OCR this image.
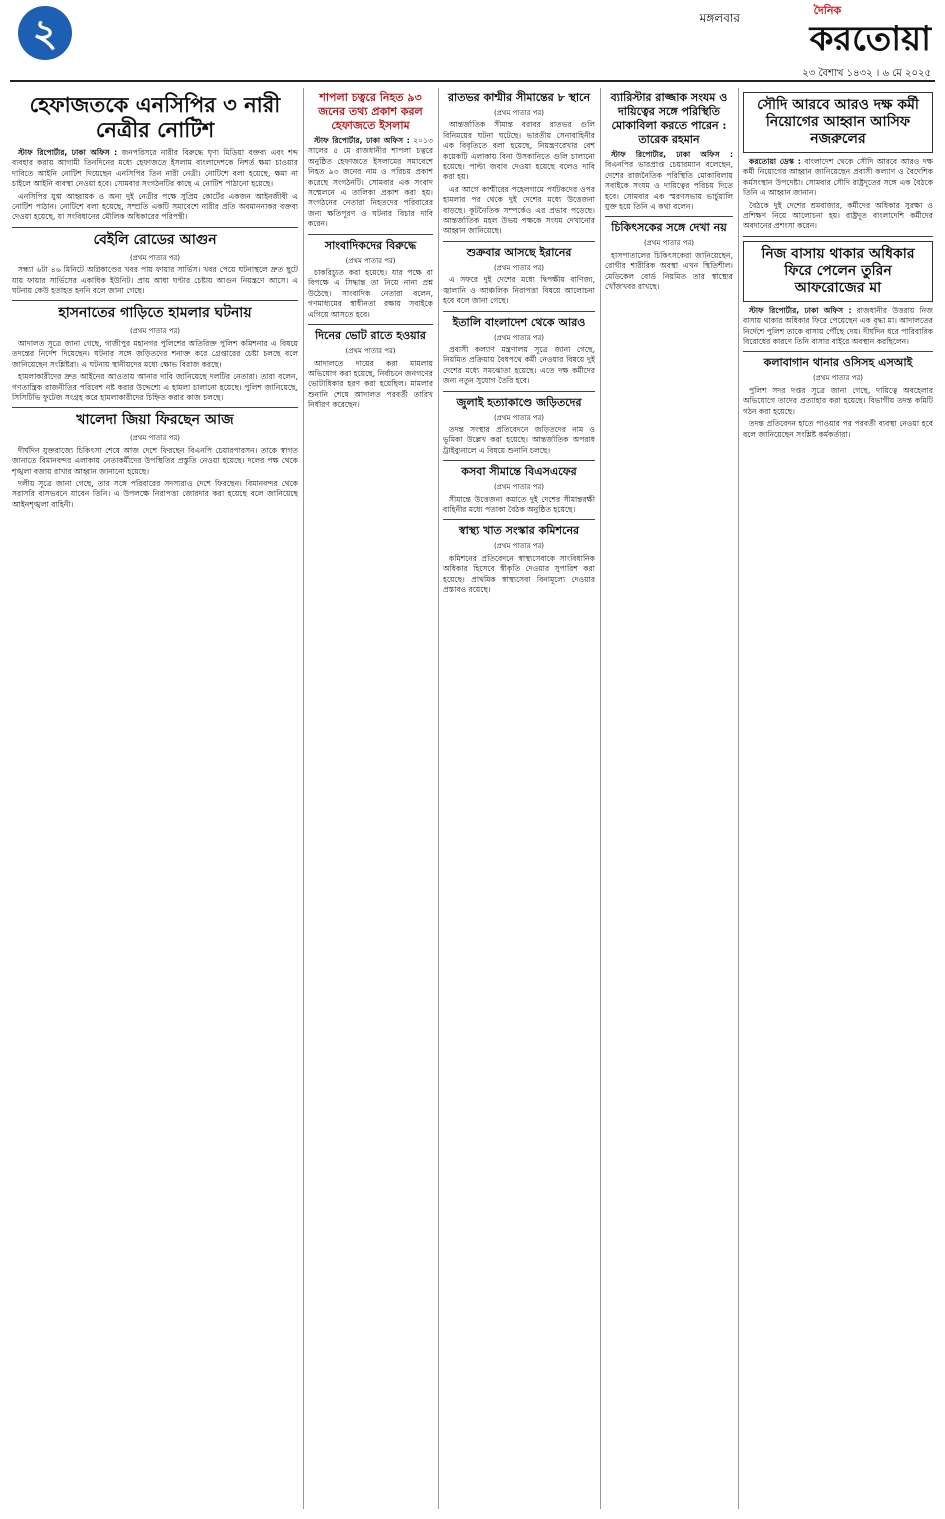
২	মঙ্গলবার
দৈনিক
করতোয়া
২৩ বৈশাখ ১৪৩২ । ৬ মে ২০২৫
হেফাজতকে এনসিপির ৩ নারী নেত্রীর নোটিশ

স্টাফ রিপোর্টার, ঢাকা অফিস : জনপরিসরে নারীর বিরুদ্ধে ঘৃণ্য মিডিয়া বক্তব্য এবং শব্দ ব্যবহার করায় আগামী তিনদিনের মধ্যে হেফাজতে ইসলাম বাংলাদেশকে নিশর্ত ক্ষমা চাওয়ার দাবিতে আইনি নোটিশ দিয়েছেন এনসিপির তিন নারী নেত্রী। নোটিশে বলা হয়েছে, ক্ষমা না চাইলে আইনি ব্যবস্থা নেওয়া হবে। সোমবার সংগঠনটির কাছে এ নোটিশ পাঠানো হয়েছে।

এনসিপির যুগ্ম আহ্বায়ক ও অন্য দুই নেত্রীর পক্ষে সুপ্রিম কোর্টের একজন আইনজীবী এ নোটিশ পাঠান। নোটিশে বলা হয়েছে, সম্প্রতি একটি সমাবেশে নারীর প্রতি অবমাননাকর বক্তব্য দেওয়া হয়েছে, যা সংবিধানের মৌলিক অধিকারের পরিপন্থী।

বেইলি রোডের আগুন
(প্রথম পাতার পর)

সন্ধ্যা ৬টা ৪৬ মিনিটে অগ্নিকাণ্ডের খবর পায় ফায়ার সার্ভিস। খবর পেয়ে ঘটনাস্থলে দ্রুত ছুটে যায় ফায়ার সার্ভিসের একাধিক ইউনিট। প্রায় আধা ঘণ্টার চেষ্টায় আগুন নিয়ন্ত্রণে আসে। এ ঘটনায় কেউ হতাহত হননি বলে জানা গেছে।

হাসনাতের গাড়িতে হামলার ঘটনায়
(প্রথম পাতার পর)

আদালত সূত্রে জানা গেছে, গাজীপুর মহানগর পুলিশের অতিরিক্ত পুলিশ কমিশনার এ বিষয়ে তদন্তের নির্দেশ দিয়েছেন। ঘটনার সঙ্গে জড়িতদের শনাক্ত করে গ্রেপ্তারের চেষ্টা চলছে বলে জানিয়েছেন সংশ্লিষ্টরা। এ ঘটনায় স্থানীয়দের মধ্যে ক্ষোভ বিরাজ করছে।

হামলাকারীদের দ্রুত আইনের আওতায় আনার দাবি জানিয়েছে দলটির নেতারা। তারা বলেন, গণতান্ত্রিক রাজনীতির পরিবেশ নষ্ট করার উদ্দেশ্যে এ হামলা চালানো হয়েছে। পুলিশ জানিয়েছে, সিসিটিভি ফুটেজ সংগ্রহ করে হামলাকারীদের চিহ্নিত করার কাজ চলছে।

খালেদা জিয়া ফিরছেন আজ
(প্রথম পাতার পর)

দীর্ঘদিন যুক্তরাজ্যে চিকিৎসা শেষে আজ দেশে ফিরছেন বিএনপি চেয়ারপারসন। তাকে স্বাগত জানাতে বিমানবন্দর এলাকায় নেতাকর্মীদের উপস্থিতির প্রস্তুতি নেওয়া হয়েছে। দলের পক্ষ থেকে শৃঙ্খলা বজায় রাখার আহ্বান জানানো হয়েছে।

দলীয় সূত্রে জানা গেছে, তার সঙ্গে পরিবারের সদস্যরাও দেশে ফিরছেন। বিমানবন্দর থেকে সরাসরি বাসভবনে যাবেন তিনি। এ উপলক্ষে নিরাপত্তা জোরদার করা হয়েছে বলে জানিয়েছে আইনশৃঙ্খলা বাহিনী।

শাপলা চত্বরে নিহত ৯৩ জনের তথ্য প্রকাশ করল হেফাজতে ইসলাম

স্টাফ রিপোর্টার, ঢাকা অফিস : ২০১৩ সালের ৫ মে রাজধানীর শাপলা চত্বরে অনুষ্ঠিত হেফাজতে ইসলামের সমাবেশে নিহত ৯৩ জনের নাম ও পরিচয় প্রকাশ করেছে সংগঠনটি। সোমবার এক সংবাদ সম্মেলনে এ তালিকা প্রকাশ করা হয়। সংগঠনের নেতারা নিহতদের পরিবারের জন্য ক্ষতিপূরণ ও ঘটনার বিচার দাবি করেন।

সাংবাদিকদের বিরুদ্ধে
(প্রথম পাতার পর)

চাকরিচ্যুত করা হয়েছে। যার পক্ষে বা বিপক্ষে এ সিদ্ধান্ত তা নিয়ে নানা প্রশ্ন উঠেছে। সাংবাদিক নেতারা বলেন, গণমাধ্যমের স্বাধীনতা রক্ষায় সবাইকে এগিয়ে আসতে হবে।

দিনের ভোট রাতে হওয়ার
(প্রথম পাতার পর)

আদালতে দায়ের করা মামলায় অভিযোগ করা হয়েছে, নির্বাচনে জনগণের ভোটাধিকার হরণ করা হয়েছিল। মামলার শুনানি শেষে আদালত পরবর্তী তারিখ নির্ধারণ করেছেন।

রাতভর কাশ্মীর সীমান্তের ৮ স্থানে
(প্রথম পাতার পর)

আন্তর্জাতিক সীমান্ত বরাবর রাতভর গুলি বিনিময়ের ঘটনা ঘটেছে। ভারতীয় সেনাবাহিনীর এক বিবৃতিতে বলা হয়েছে, নিয়ন্ত্রণরেখার বেশ কয়েকটি এলাকায় বিনা উসকানিতে গুলি চালানো হয়েছে। পাল্টা জবাব দেওয়া হয়েছে বলেও দাবি করা হয়।

এর আগে কাশ্মীরের পহেলগামে পর্যটকদের ওপর হামলার পর থেকে দুই দেশের মধ্যে উত্তেজনা বাড়ছে। কূটনৈতিক সম্পর্কেও এর প্রভাব পড়েছে। আন্তর্জাতিক মহল উভয় পক্ষকে সংযম দেখানোর আহ্বান জানিয়েছে।

শুক্রবার আসছে ইরানের
(প্রথম পাতার পর)

এ সফরে দুই দেশের মধ্যে দ্বিপক্ষীয় বাণিজ্য, জ্বালানি ও আঞ্চলিক নিরাপত্তা বিষয়ে আলোচনা হবে বলে জানা গেছে।

ইতালি বাংলাদেশ থেকে আরও
(প্রথম পাতার পর)

প্রবাসী কল্যাণ মন্ত্রণালয় সূত্রে জানা গেছে, নিয়মিত প্রক্রিয়ায় বৈধপথে কর্মী নেওয়ার বিষয়ে দুই দেশের মধ্যে সমঝোতা হয়েছে। এতে দক্ষ কর্মীদের জন্য নতুন সুযোগ তৈরি হবে।

জুলাই হত্যাকাণ্ডে জড়িতদের
(প্রথম পাতার পর)

তদন্ত সংস্থার প্রতিবেদনে জড়িতদের নাম ও ভূমিকা উল্লেখ করা হয়েছে। আন্তর্জাতিক অপরাধ ট্রাইব্যুনালে এ বিষয়ে শুনানি চলছে।

কসবা সীমান্তে বিএসএফের
(প্রথম পাতার পর)

সীমান্তে উত্তেজনা কমাতে দুই দেশের সীমান্তরক্ষী বাহিনীর মধ্যে পতাকা বৈঠক অনুষ্ঠিত হয়েছে।

স্বাস্থ্য খাত সংস্কার কমিশনের
(প্রথম পাতার পর)

কমিশনের প্রতিবেদনে স্বাস্থ্যসেবাকে সাংবিধানিক অধিকার হিসেবে স্বীকৃতি দেওয়ার সুপারিশ করা হয়েছে। প্রাথমিক স্বাস্থ্যসেবা বিনামূল্যে দেওয়ার প্রস্তাবও রয়েছে।

ব্যারিস্টার রাজ্জাক সংযম ও দায়িত্বের সঙ্গে পরিস্থিতি মোকাবিলা করতে পারেন : তারেক রহমান

স্টাফ রিপোর্টার, ঢাকা অফিস : বিএনপির ভারপ্রাপ্ত চেয়ারম্যান বলেছেন, দেশের রাজনৈতিক পরিস্থিতি মোকাবিলায় সবাইকে সংযম ও দায়িত্বের পরিচয় দিতে হবে। সোমবার এক স্মরণসভায় ভার্চুয়ালি যুক্ত হয়ে তিনি এ কথা বলেন।

চিকিৎসকের সঙ্গে দেখা নয়
(প্রথম পাতার পর)

হাসপাতালের চিকিৎসকেরা জানিয়েছেন, রোগীর শারীরিক অবস্থা এখন স্থিতিশীল। মেডিকেল বোর্ড নিয়মিত তার স্বাস্থ্যের খোঁজখবর রাখছে।

সৌদি আরবে আরও দক্ষ কর্মী নিয়োগের আহ্বান আসিফ নজরুলের

করতোয়া ডেস্ক : বাংলাদেশ থেকে সৌদি আরবে আরও দক্ষ কর্মী নিয়োগের আহ্বান জানিয়েছেন প্রবাসী কল্যাণ ও বৈদেশিক কর্মসংস্থান উপদেষ্টা। সোমবার সৌদি রাষ্ট্রদূতের সঙ্গে এক বৈঠকে তিনি এ আহ্বান জানান।

বৈঠকে দুই দেশের শ্রমবাজার, কর্মীদের অধিকার সুরক্ষা ও প্রশিক্ষণ নিয়ে আলোচনা হয়। রাষ্ট্রদূত বাংলাদেশি কর্মীদের অবদানের প্রশংসা করেন।

নিজ বাসায় থাকার অধিকার ফিরে পেলেন তুরিন আফরোজের মা

স্টাফ রিপোর্টার, ঢাকা অফিস : রাজধানীর উত্তরায় নিজ বাসায় থাকার অধিকার ফিরে পেয়েছেন এক বৃদ্ধা মা। আদালতের নির্দেশে পুলিশ তাকে বাসায় পৌঁছে দেয়। দীর্ঘদিন ধরে পারিবারিক বিরোধের কারণে তিনি বাসার বাইরে অবস্থান করছিলেন।

কলাবাগান থানার ওসিসহ এসআই
(প্রথম পাতার পর)

পুলিশ সদর দপ্তর সূত্রে জানা গেছে, দায়িত্বে অবহেলার অভিযোগে তাদের প্রত্যাহার করা হয়েছে। বিভাগীয় তদন্ত কমিটি গঠন করা হয়েছে।

তদন্ত প্রতিবেদন হাতে পাওয়ার পর পরবর্তী ব্যবস্থা নেওয়া হবে বলে জানিয়েছেন সংশ্লিষ্ট কর্মকর্তারা।
